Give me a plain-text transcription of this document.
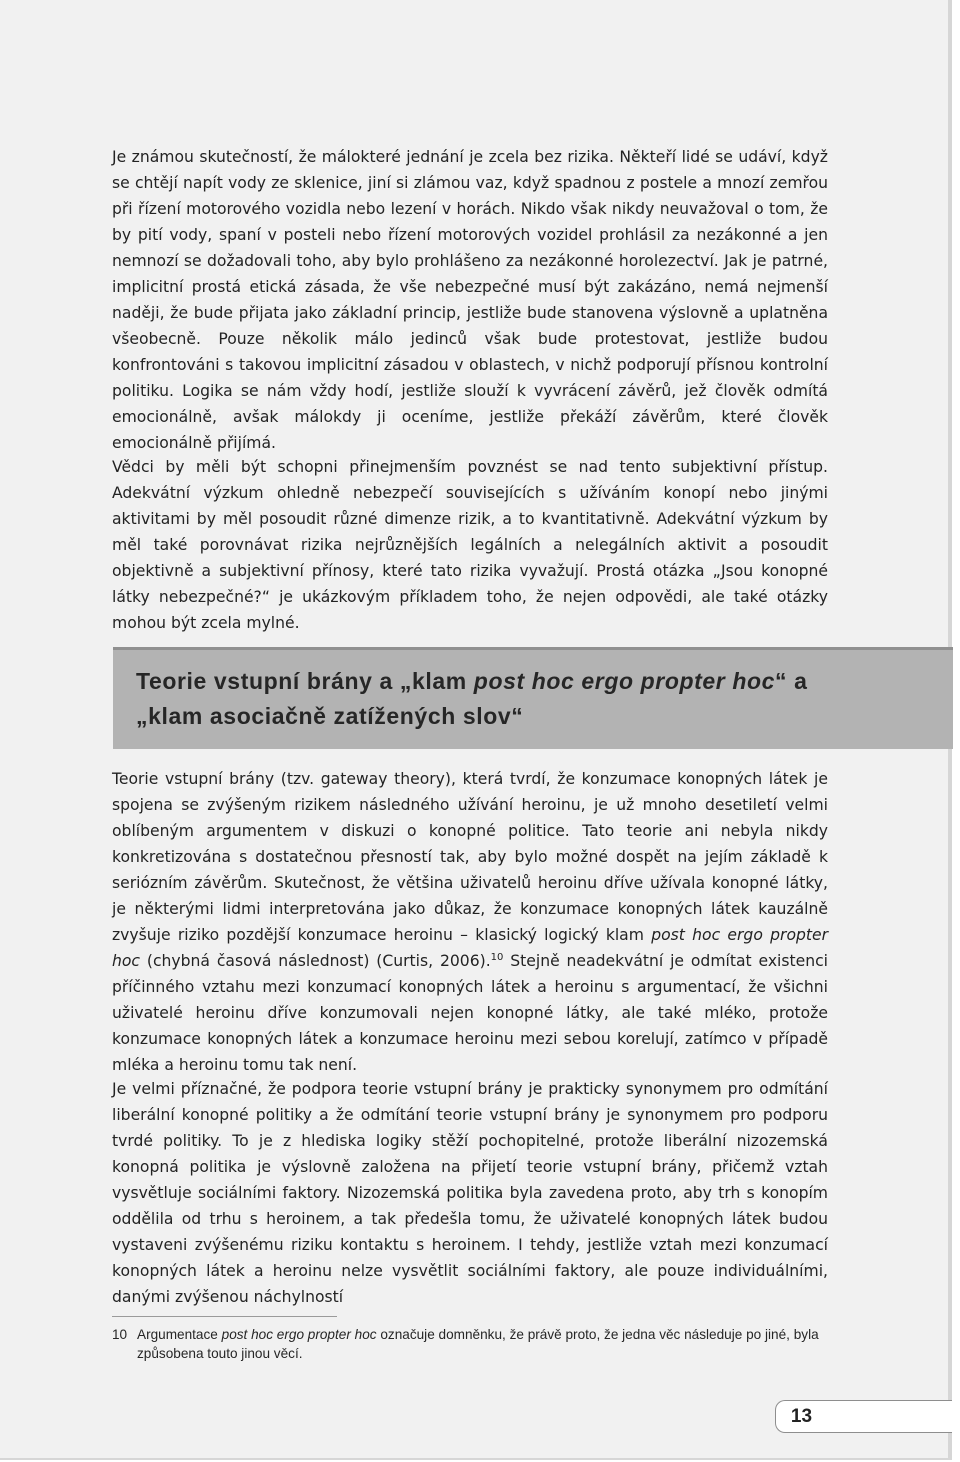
Je známou skutečností, že málokteré jednání je zcela bez rizika. Někteří lidé se udáví, když se chtějí napít vody ze sklenice, jiní si zlámou vaz, když spadnou z postele a mnozí zemřou při řízení motorového vozidla nebo lezení v horách. Nikdo však nikdy neuvažoval o tom, že by pití vody, spaní v posteli nebo řízení motorových vozidel prohlásil za nezákonné a jen nemnozí se dožadovali toho, aby bylo prohlášeno za nezákonné horolezectví. Jak je patrné, implicitní prostá etická zásada, že vše nebezpečné musí být zakázáno, nemá nejmenší naději, že bude přijata jako základní princip, jestliže bude stanovena výslovně a uplatněna všeobecně. Pouze několik málo jedinců však bude protestovat, jestliže budou konfrontováni s takovou implicitní zásadou v oblastech, v nichž podporují přísnou kontrolní politiku. Logika se nám vždy hodí, jestliže slouží k vyvrácení závěrů, jež člověk odmítá emocionálně, avšak málokdy ji oceníme, jestliže překáží závěrům, které člověk emocionálně přijímá.

Vědci by měli být schopni přinejmenším povznést se nad tento subjektivní přístup. Adekvátní výzkum ohledně nebezpečí souvisejících s užíváním konopí nebo jinými aktivitami by měl posoudit různé dimenze rizik, a to kvantitativně. Adekvátní výzkum by měl také porovnávat rizika nejrůznějších legálních a nelegálních aktivit a posoudit objektivně a subjektivní přínosy, které tato rizika vyvažují. Prostá otázka „Jsou konopné látky nebezpečné?“ je ukázkovým příkladem toho, že nejen odpovědi, ale také otázky mohou být zcela mylné.

Teorie vstupní brány a „klam post hoc ergo propter hoc“ a „klam asociačně zatížených slov“

Teorie vstupní brány (tzv. gateway theory), která tvrdí, že konzumace konopných látek je spojena se zvýšeným rizikem následného užívání heroinu, je už mnoho desetiletí velmi oblíbeným argumentem v diskuzi o konopné politice. Tato teorie ani nebyla nikdy konkretizována s dostatečnou přesností tak, aby bylo možné dospět na jejím základě k seriózním závěrům. Skutečnost, že většina uživatelů heroinu dříve užívala konopné látky, je některými lidmi interpretována jako důkaz, že konzumace konopných látek kauzálně zvyšuje riziko pozdější konzumace heroinu – klasický logický klam post hoc ergo propter hoc (chybná časová následnost) (Curtis, 2006).$^{10}$ Stejně neadekvátní je odmítat existenci příčinného vztahu mezi konzumací konopných látek a heroinu s argumentací, že všichni uživatelé heroinu dříve konzumovali nejen konopné látky, ale také mléko, protože konzumace konopných látek a konzumace heroinu mezi sebou korelují, zatímco v případě mléka a heroinu tomu tak není.

Je velmi příznačné, že podpora teorie vstupní brány je prakticky synonymem pro odmítání liberální konopné politiky a že odmítání teorie vstupní brány je synonymem pro podporu tvrdé politiky. To je z hlediska logiky stěží pochopitelné, protože liberální nizozemská konopná politika je výslovně založena na přijetí teorie vstupní brány, přičemž vztah vysvětluje sociálními faktory. Nizozemská politika byla zavedena proto, aby trh s konopím oddělila od trhu s heroinem, a tak předešla tomu, že uživatelé konopných látek budou vystaveni zvýšenému riziku kontaktu s heroinem. I tehdy, jestliže vztah mezi konzumací konopných látek a heroinu nelze vysvětlit sociálními faktory, ale pouze individuálními, danými zvýšenou náchylností

10 Argumentace post hoc ergo propter hoc označuje domněnku, že právě proto, že jedna věc následuje po jiné, byla způsobena touto jinou věcí.
13
